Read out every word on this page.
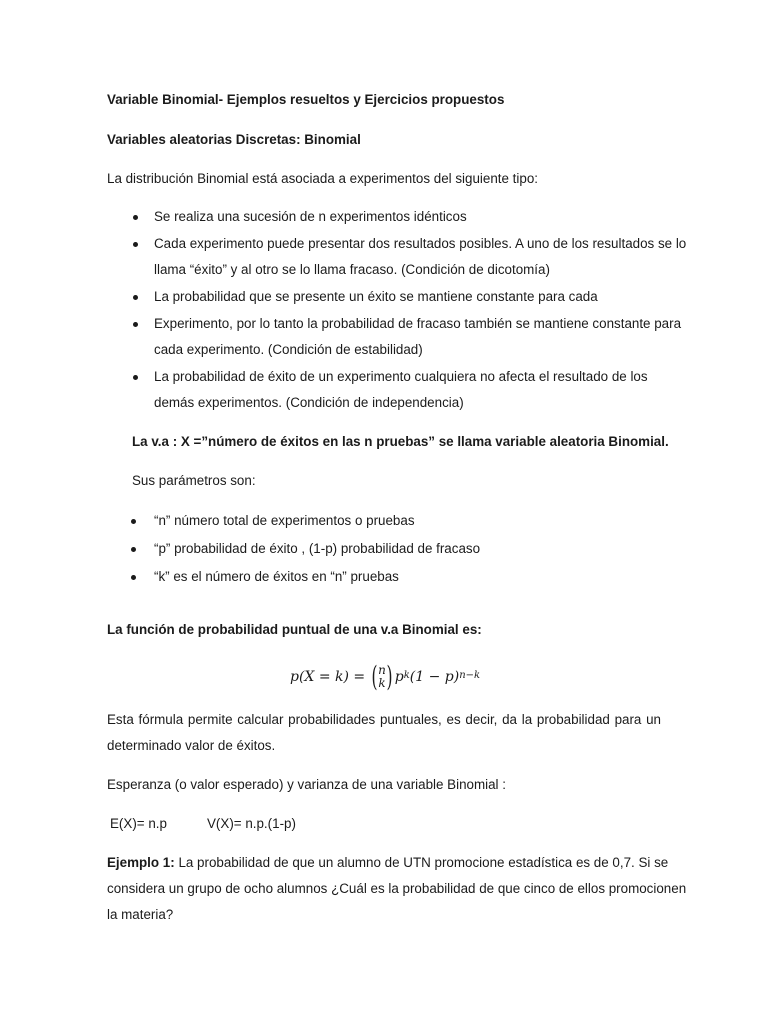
Variable Binomial- Ejemplos resueltos y Ejercicios propuestos
Variables aleatorias Discretas: Binomial
La distribución Binomial está asociada a experimentos del siguiente tipo:
Se realiza una sucesión de n experimentos idénticos
Cada experimento puede presentar dos resultados posibles. A uno de los resultados se lo
llama “éxito” y al otro se lo llama fracaso. (Condición de dicotomía)
La probabilidad que se presente un éxito se mantiene constante para cada
Experimento, por lo tanto la probabilidad de fracaso también se mantiene constante para
cada experimento. (Condición de estabilidad)
La probabilidad de éxito de un experimento cualquiera no afecta el resultado de los
demás experimentos. (Condición de independencia)
La v.a : X =”número de éxitos en las n pruebas” se llama variable aleatoria Binomial.
Sus parámetros son:
“n” número total de experimentos o pruebas
“p” probabilidad de éxito , (1-p) probabilidad de fracaso
“k” es el número de éxitos en “n” pruebas
La función de probabilidad puntual de una v.a Binomial es:
p(X = k) = ( n
k ) $p^k$ $(1 - p)^{n-k}$
Esta fórmula permite calcular probabilidades puntuales, es decir, da la probabilidad para un
determinado valor de éxitos.
Esperanza (o valor esperado) y varianza de una variable Binomial :
E(X)= n.p	V(X)= n.p.(1-p)
Ejemplo 1: La probabilidad de que un alumno de UTN promocione estadística es de 0,7. Si se
considera un grupo de ocho alumnos ¿Cuál es la probabilidad de que cinco de ellos promocionen
la materia?
